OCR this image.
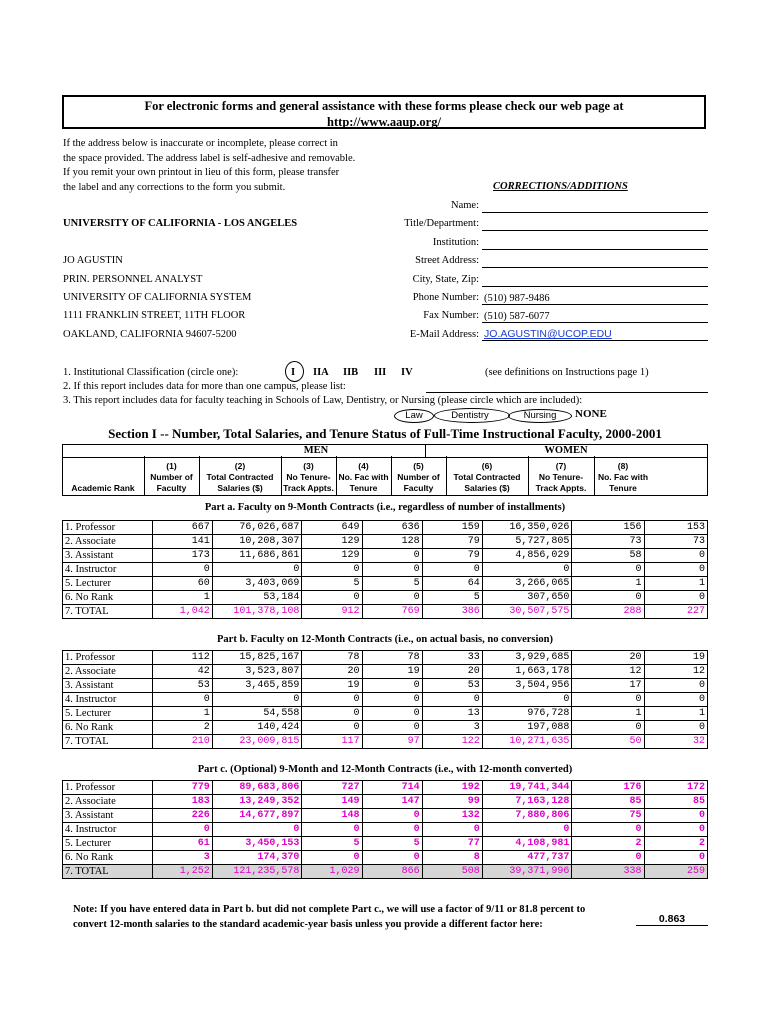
For electronic forms and general assistance with these forms please check our web page at
http://www.aaup.org/
If the address below is inaccurate or incomplete, please correct in
the space provided. The address label is self-adhesive and removable.
If you remit your own printout in lieu of this form, please transfer
the label and any corrections to the form you submit.	CORRECTIONS/ADDITIONS
Name:
Title/Department:
Institution:
Street Address:
City, State, Zip:
Phone Number: (510) 987-9486
Fax Number: (510) 587-6077
E-Mail Address: JO.AGUSTIN@UCOP.EDU
UNIVERSITY OF CALIFORNIA - LOS ANGELES
JO AGUSTIN
PRIN. PERSONNEL ANALYST
UNIVERSITY OF CALIFORNIA SYSTEM
1111 FRANKLIN STREET, 11TH FLOOR
OAKLAND, CALIFORNIA 94607-5200
1. Institutional Classification (circle one):	I IIA IIB III IV	(see definitions on Instructions page 1)
2. If this report includes data for more than one campus, please list:
3. This report includes data for faculty teaching in Schools of Law, Dentistry, or Nursing (please circle which are included):
Law	Dentistry	Nursing	NONE
Section I -- Number, Total Salaries, and Tenure Status of Full-Time Instructional Faculty, 2000-2001
MEN	WOMEN
Academic Rank
Part a. Faculty on 9-Month Contracts (i.e., regardless of number of installments)
Part b. Faculty on 12-Month Contracts (i.e., on actual basis, no conversion)
Part c. (Optional) 9-Month and 12-Month Contracts (i.e., with 12-month converted)
1. Professor	667	76,026,687	649	636	159	16,350,026	156	153
2. Associate	141	10,208,307	129	128	79	5,727,805	73	73
3. Assistant	173	11,686,861	129	0	79	4,856,029	58	0
4. Instructor	0	0	0	0	0	0	0	0
5. Lecturer	60	3,403,069	5	5	64	3,266,065	1	1
6. No Rank	1	53,184	0	0	5	307,650	0	0
7. TOTAL	1,042	101,378,108	912	769	386	30,507,575	288	227
1. Professor	112	15,825,167	78	78	33	3,929,685	20	19
2. Associate	42	3,523,807	20	19	20	1,663,178	12	12
3. Assistant	53	3,465,859	19	0	53	3,504,956	17	0
4. Instructor	0	0	0	0	0	0	0	0
5. Lecturer	1	54,558	0	0	13	976,728	1	1
6. No Rank	2	140,424	0	0	3	197,088	0	0
7. TOTAL	210	23,009,815	117	97	122	10,271,635	50	32
1. Professor	779	89,683,806	727	714	192	19,741,344	176	172
2. Associate	183	13,249,352	149	147	99	7,163,128	85	85
3. Assistant	226	14,677,897	148	0	132	7,880,806	75	0
4. Instructor	0	0	0	0	0	0	0	0
5. Lecturer	61	3,450,153	5	5	77	4,108,981	2	2
6. No Rank	3	174,370	0	0	8	477,737	0	0
7. TOTAL	1,252	121,235,578	1,029	866	508	39,371,996	338	259
Note: If you have entered data in Part b. but did not complete Part c., we will use a factor of 9/11 or 81.8 percent to
convert 12-month salaries to the standard academic-year basis unless you provide a different factor here:	0.863
(1)
Number of
Faculty
(2)
Total Contracted
Salaries ($)
(3)
No Tenure-
Track Appts.
(4)
No. Fac with
Tenure
(5)
Number of
Faculty
(6)
Total Contracted
Salaries ($)
(7)
No Tenure-
Track Appts.
(8)
No. Fac with
Tenure
